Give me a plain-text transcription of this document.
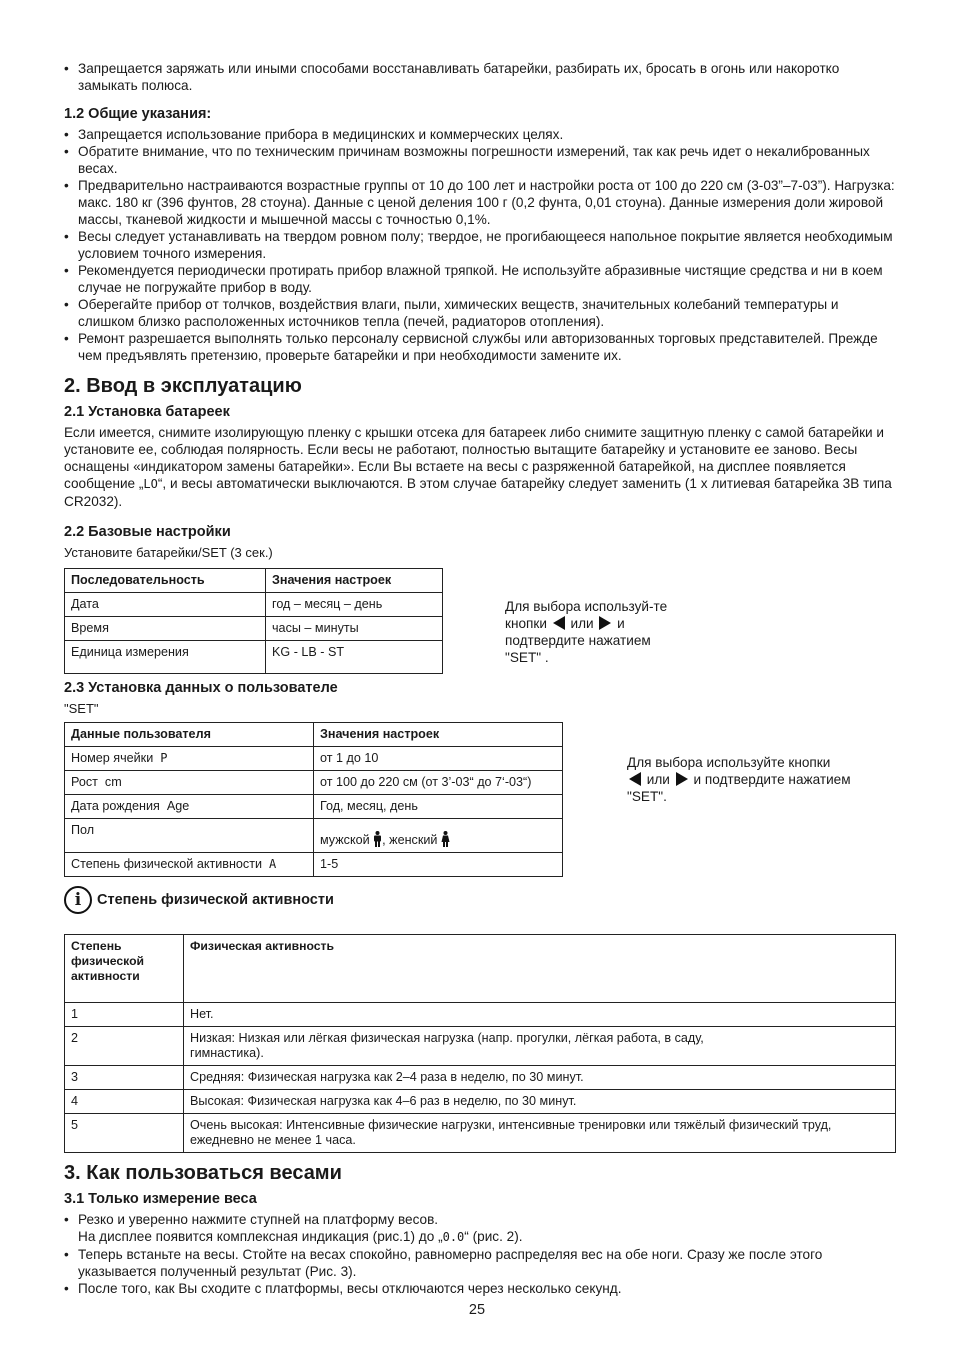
• Запрещается заряжать или иными способами восстанавливать батарейки, разбирать их, бросать в огонь или накоротко замыкать полюса.
1.2 Общие указания:
• Запрещается использование прибора в медицинских и коммерческих целях.
• Обратите внимание, что по техническим причинам возможны погрешности измерений, так как речь идет о некалиброванных весах.
• Предварительно настраиваются возрастные группы от 10 до 100 лет и настройки роста от 100 до 220 см (3-03”–7-03”). Нагрузка: макс. 180 кг (396 фунтов, 28 стоуна). Данные с ценой деления 100 г (0,2 фунта, 0,01 стоуна). Данные измерения доли жировой массы, тканевой жидкости и мышечной массы с точностью 0,1%.
• Весы следует устанавливать на твердом ровном полу; твердое, не прогибающееся напольное покрытие является необходимым условием точного измерения.
• Рекомендуется периодически протирать прибор влажной тряпкой. Не используйте абразивные чистящие средства и ни в коем случае не погружайте прибор в воду.
• Оберегайте прибор от толчков, воздействия влаги, пыли, химических веществ, значительных колебаний температуры и слишком близко расположенных источников тепла (печей, радиаторов отопления).
• Ремонт разрешается выполнять только персоналу сервисной службы или авторизованных торговых представителей. Прежде чем предъявлять претензию, проверьте батарейки и при необходимости замените их.
2. Ввод в эксплуатацию
2.1 Установка батареек

Если имеется, снимите изолирующую пленку с крышки отсека для батареек либо снимите защитную пленку с самой батарейки и установите ее, соблюдая полярность. Если весы не работают, полностью вытащите батарейку и установите ее заново. Весы оснащены «индикатором замены батарейки». Если Вы встаете на весы с разряженной батарейкой, на дисплее появляется сообщение „LO“, и весы автоматически выключаются. В этом случае батарейку следует заменить (1 x литиевая батарейка 3В типа CR2032).

2.2 Базовые настройки

Установите батарейки/SET (3 сек.)

Последовательность	Значения настроек
Дата	год – месяц – день
Время	часы – минуты
Единица измерения	KG - LB - ST
Для выбора используй-те кнопки или и подтвердите нажатием "SET" .
2.3 Установка данных о пользователе

"SET"

Данные пользователя	Значения настроек
Номер ячейки P	от 1 до 10
Рост cm	от 100 до 220 см (от 3’-03“ до 7‘-03“)
Дата рождения Age	Год, месяц, день
Пол	мужской , женский
Степень физической активности A	1-5
Для выбора используйте кнопки
или и подтвердите нажатием "SET".
i	Степень физической активности
Степень физической активности	Физическая активность
1	Нет.
2	Низкая: Низкая или лёгкая физическая нагрузка (напр. прогулки, лёгкая работа, в саду, гимнастика).

3	Средняя: Физическая нагрузка как 2–4 раза в неделю, по 30 минут.
4	Высокая: Физическая нагрузка как 4–6 раз в неделю, по 30 минут.
5	Очень высокая: Интенсивные физические нагрузки, интенсивные тренировки или тяжёлый физический труд, ежедневно не менее 1 часа.
3. Как пользоваться весами
3.1 Только измерение веса
• Резко и уверенно нажмите ступней на платформу весов.
На дисплее появится комплексная индикация (рис.1) до „0.0“ (рис. 2).
• Теперь встаньте на весы. Стойте на весах спокойно, равномерно распределяя вес на обе ноги. Сразу же после этого указывается полученный результат (Рис. 3).
• После того, как Вы сходите с платформы, весы отключаются через несколько секунд.
25
